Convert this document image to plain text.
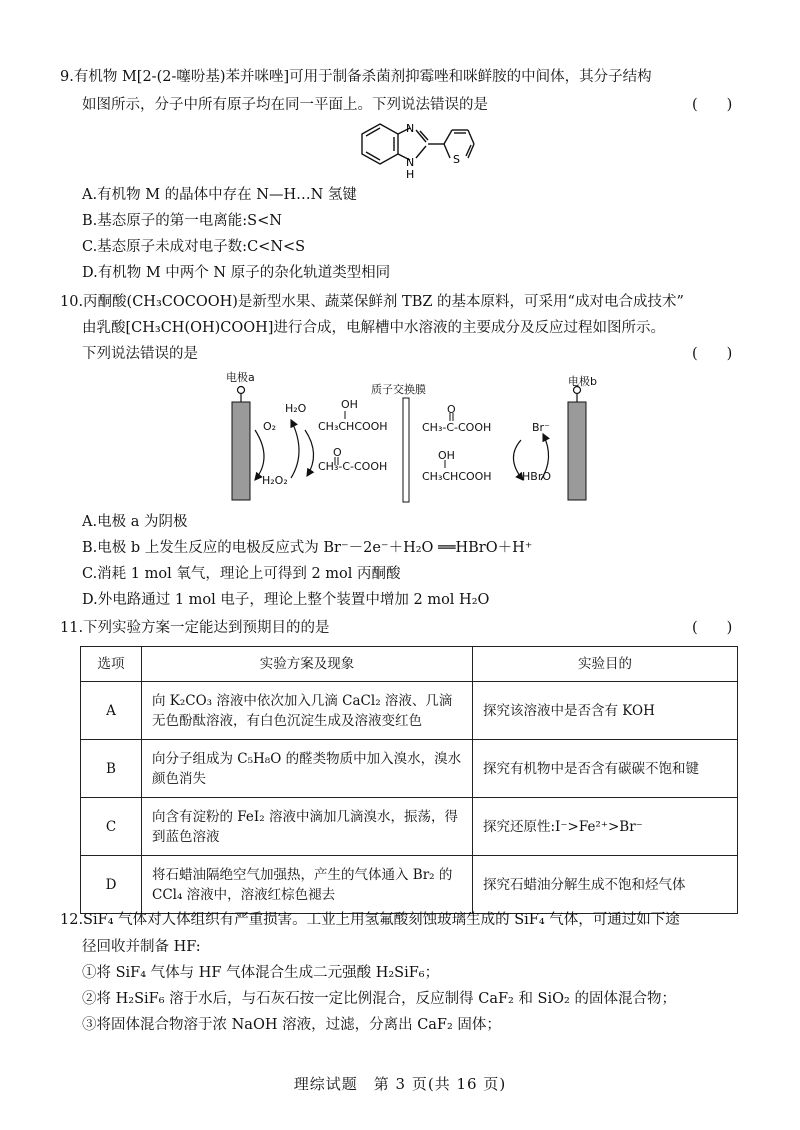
9.有机物 M[2-(2-噻吩基)苯并咪唑]可用于制备杀菌剂抑霉唑和咪鲜胺的中间体，其分子结构
如图所示，分子中所有原子均在同一平面上。下列说法错误的是	(　　)
N
N
H
S
A.有机物 M 的晶体中存在 N—H…N 氢键
B.基态原子的第一电离能:S<N
C.基态原子未成对电子数:C<N<S
D.有机物 M 中两个 N 原子的杂化轨道类型相同
10.丙酮酸(CH₃COCOOH)是新型水果、蔬菜保鲜剂 TBZ 的基本原料，可采用“成对电合成技术”
由乳酸[CH₃CH(OH)COOH]进行合成，电解槽中水溶液的主要成分及反应过程如图所示。
下列说法错误的是	(　　)
电极a	电极b
质子交换膜
H₂O	OH
CH₃CHCOOH
O₂
O
CH₃-C-COOH
H₂O₂
O
CH₃-C-COOH	Br⁻
OH
CH₃CHCOOH	HBrO
A.电极 a 为阴极
B.电极 b 上发生反应的电极反应式为 Br⁻－2e⁻＋H₂O ══HBrO＋H⁺
C.消耗 1 mol 氧气，理论上可得到 2 mol 丙酮酸
D.外电路通过 1 mol 电子，理论上整个装置中增加 2 mol H₂O
11.下列实验方案一定能达到预期目的的是	(　　)
选项	实验方案及现象	实验目的
A	向 K₂CO₃ 溶液中依次加入几滴 CaCl₂ 溶液、几滴无色酚酞溶液，有白色沉淀生成及溶液变红色	探究该溶液中是否含有 KOH
B	向分子组成为 C₅H₈O 的醛类物质中加入溴水，溴水颜色消失	探究有机物中是否含有碳碳不饱和键
C	向含有淀粉的 FeI₂ 溶液中滴加几滴溴水，振荡，得到蓝色溶液	探究还原性:I⁻>Fe²⁺>Br⁻
D	将石蜡油隔绝空气加强热，产生的气体通入 Br₂ 的 CCl₄ 溶液中，溶液红棕色褪去	探究石蜡油分解生成不饱和烃气体
12.SiF₄ 气体对人体组织有严重损害。工业上用氢氟酸刻蚀玻璃生成的 SiF₄ 气体，可通过如下途
径回收并制备 HF:
①将 SiF₄ 气体与 HF 气体混合生成二元强酸 H₂SiF₆；
②将 H₂SiF₆ 溶于水后，与石灰石按一定比例混合，反应制得 CaF₂ 和 SiO₂ 的固体混合物；
③将固体混合物溶于浓 NaOH 溶液，过滤，分离出 CaF₂ 固体；
理综试题　第 3 页(共 16 页)
